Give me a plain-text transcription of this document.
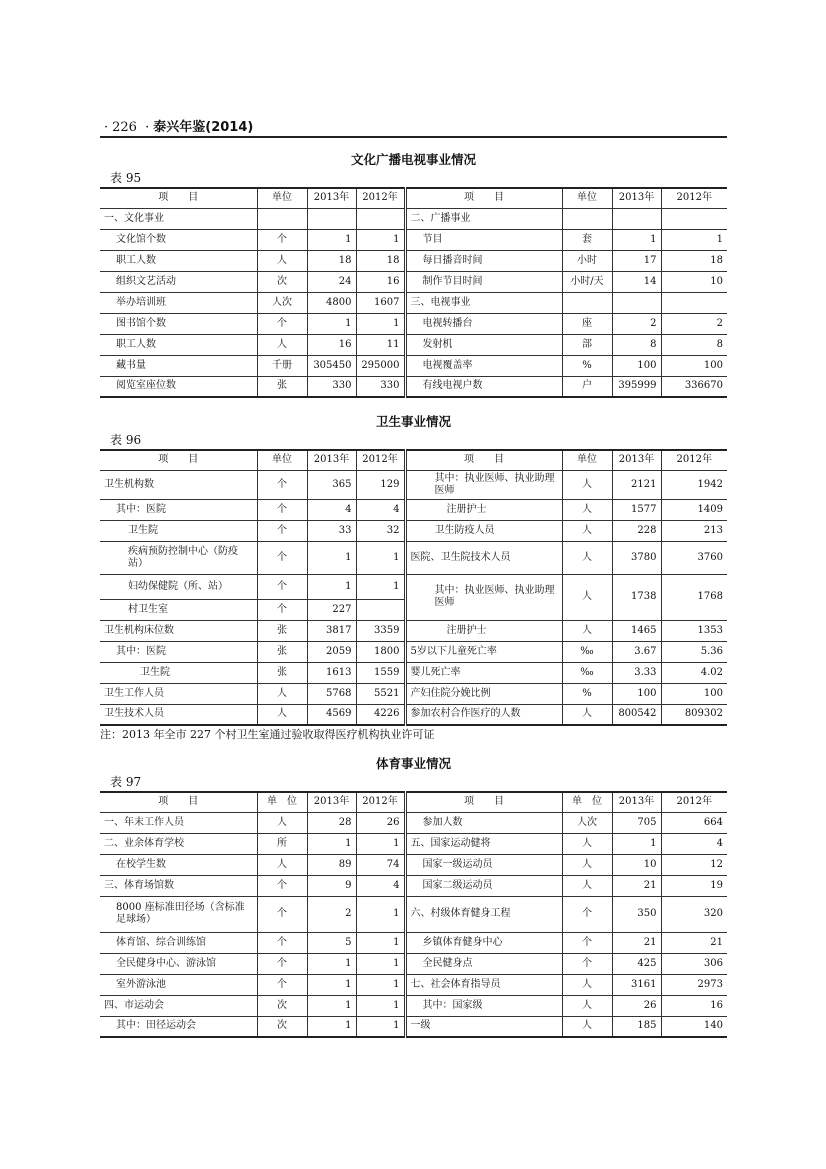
· 226 · 泰兴年鉴(2014)
文化广播电视事业情况
表 95
项　　目	单位	2013年	2012年	项　　目	单位	2013年	2012年
一、文化事业				二、广播事业			
文化馆个数	个	1	1	节目	套	1	1
职工人数	人	18	18	每日播音时间	小时	17	18
组织文艺活动	次	24	16	制作节目时间	小时/天	14	10
举办培训班	人次	4800	1607	三、电视事业			
图书馆个数	个	1	1	电视转播台	座	2	2
职工人数	人	16	11	发射机	部	8	8
藏书量	千册	305450	295000	电视覆盖率	%	100	100
阅览室座位数	张	330	330	有线电视户数	户	395999	336670
卫生事业情况
表 96
项　　目	单位	2013年	2012年	项　　目	单位	2013年	2012年
卫生机构数	个	365	129	其中：执业医师、执业助理医师	人	2121	1942
其中：医院	个	4	4	注册护士	人	1577	1409
卫生院	个	33	32	卫生防疫人员	人	228	213
疾病预防控制中心（防疫站）	个	1	1	医院、卫生院技术人员	人	3780	3760
妇幼保健院（所、站）	个	1	1	其中：执业医师、执业助理医师	人	1738	1768
村卫生室	个	227					
卫生机构床位数	张	3817	3359	注册护士	人	1465	1353
其中：医院	张	2059	1800	5岁以下儿童死亡率	‰	3.67	5.36
卫生院	张	1613	1559	婴儿死亡率	‰	3.33	4.02
卫生工作人员	人	5768	5521	产妇住院分娩比例	%	100	100
卫生技术人员	人	4569	4226	参加农村合作医疗的人数	人	800542	809302
注：2013 年全市 227 个村卫生室通过验收取得医疗机构执业许可证
体育事业情况
表 97
项　　目	单　位	2013年	2012年	项　　目	单　位	2013年	2012年
一、年末工作人员	人	28	26	参加人数	人次	705	664
二、业余体育学校	所	1	1	五、国家运动健将	人	1	4
在校学生数	人	89	74	国家一级运动员	人	10	12
三、体育场馆数	个	9	4	国家二级运动员	人	21	19
8000 座标准田径场（含标准足球场）	个	2	1	六、村级体育健身工程	个	350	320
体育馆、综合训练馆	个	5	1	乡镇体育健身中心	个	21	21
全民健身中心、游泳馆	个	1	1	全民健身点	个	425	306
室外游泳池	个	1	1	七、社会体育指导员	人	3161	2973
四、市运动会	次	1	1	其中：国家级	人	26	16
其中：田径运动会	次	1	1	一级	人	185	140
